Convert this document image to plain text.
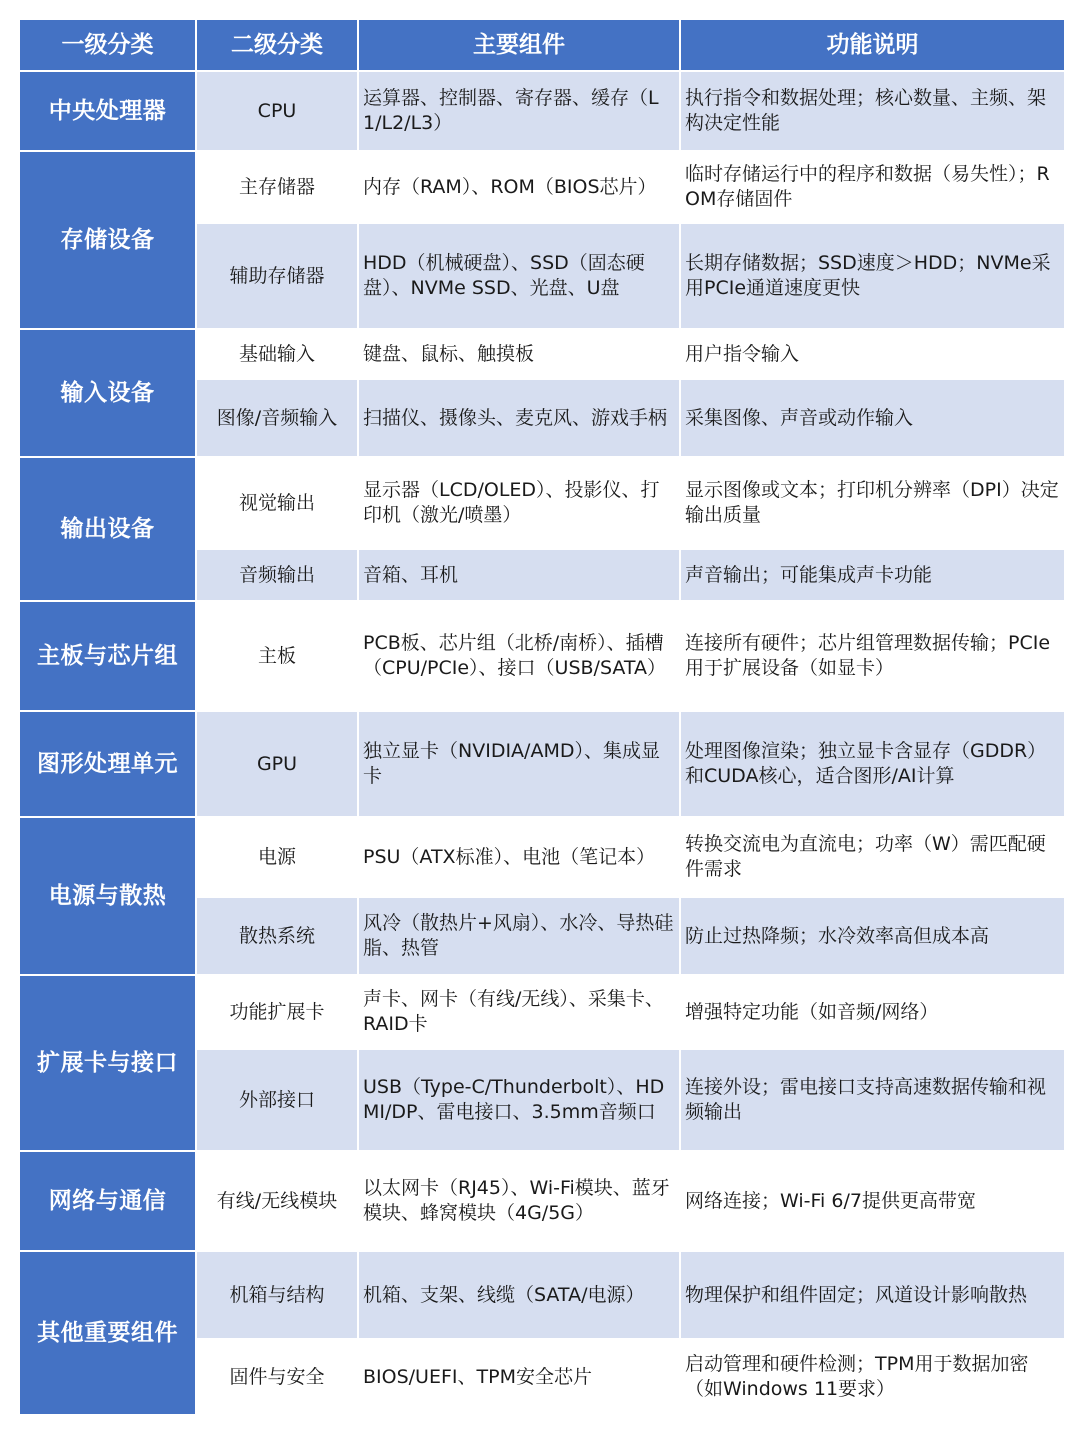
一级分类	二级分类	主要组件	功能说明
中央处理器	CPU	运算器、控制器、寄存器、缓存（L1/L2/L3）	执行指令和数据处理；核心数量、主频、架构决定性能
存储设备	主存储器	内存（RAM）、ROM（BIOS芯片）	临时存储运行中的程序和数据（易失性）；ROM存储固件
	辅助存储器	HDD（机械硬盘）、SSD（固态硬盘）、NVMe SSD、光盘、U盘	长期存储数据；SSD速度＞HDD；NVMe采用PCIe通道速度更快
输入设备	基础输入	键盘、鼠标、触摸板	用户指令输入
	图像/音频输入	扫描仪、摄像头、麦克风、游戏手柄	采集图像、声音或动作输入
输出设备	视觉输出	显示器（LCD/OLED）、投影仪、打印机（激光/喷墨）	显示图像或文本；打印机分辨率（DPI）决定输出质量
	音频输出	音箱、耳机	声音输出；可能集成声卡功能
主板与芯片组	主板	PCB板、芯片组（北桥/南桥）、插槽（CPU/PCIe）、接口（USB/SATA）	连接所有硬件；芯片组管理数据传输；PCIe用于扩展设备（如显卡）
图形处理单元	GPU	独立显卡（NVIDIA/AMD）、集成显卡	处理图像渲染；独立显卡含显存（GDDR）和CUDA核心，适合图形/AI计算
电源与散热	电源	PSU（ATX标准）、电池（笔记本）	转换交流电为直流电；功率（W）需匹配硬件需求
	散热系统	风冷（散热片+风扇）、水冷、导热硅脂、热管	防止过热降频；水冷效率高但成本高
扩展卡与接口	功能扩展卡	声卡、网卡（有线/无线）、采集卡、RAID卡	增强特定功能（如音频/网络）
	外部接口	USB（Type-C/Thunderbolt）、HDMI/DP、雷电接口、3.5mm音频口	连接外设；雷电接口支持高速数据传输和视频输出
网络与通信	有线/无线模块	以太网卡（RJ45）、Wi-Fi模块、蓝牙模块、蜂窝模块（4G/5G）	网络连接；Wi-Fi 6/7提供更高带宽
其他重要组件	机箱与结构	机箱、支架、线缆（SATA/电源）	物理保护和组件固定；风道设计影响散热
	固件与安全	BIOS/UEFI、TPM安全芯片	启动管理和硬件检测；TPM用于数据加密（如Windows 11要求）
